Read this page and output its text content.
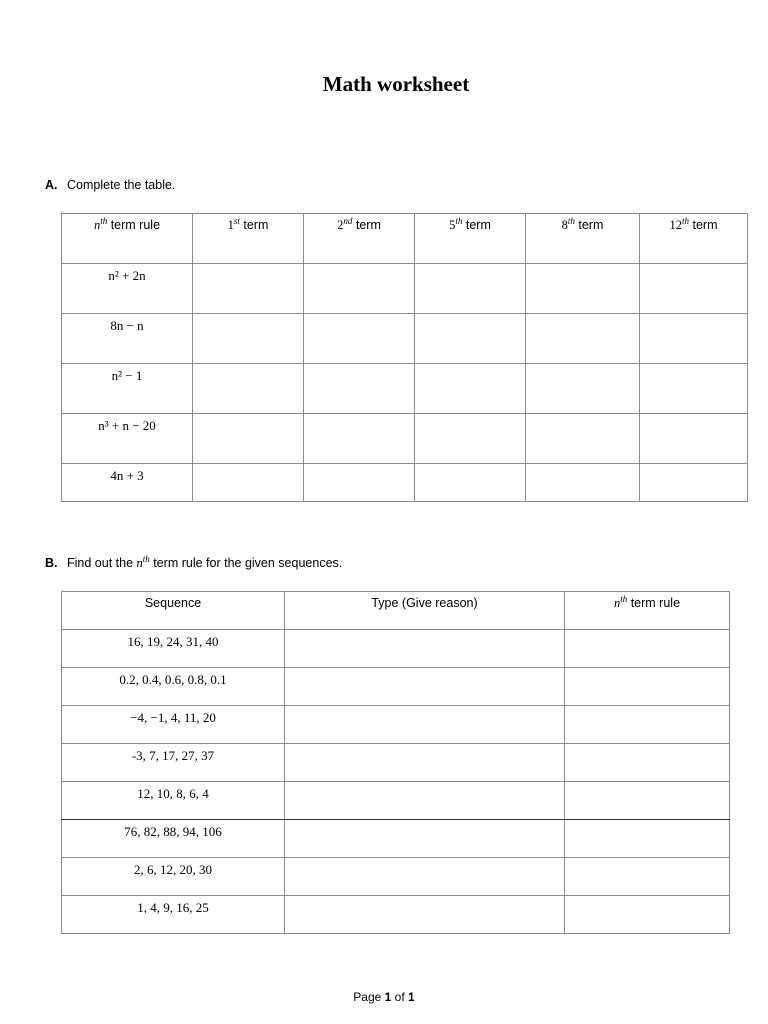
Math worksheet
A. Complete the table.
$n^{th}$ term rule	1st term	2nd term	5th term	8th term	12th term
n² + 2n					
8n − n					
n² − 1					
n³ + n − 20					
4n + 3					
B. Find out the $n^{th}$ term rule for the given sequences.
Sequence	Type (Give reason)	$n^{th}$ term rule
16, 19, 24, 31, 40		
0.2, 0.4, 0.6, 0.8, 0.1		
−4, −1, 4, 11, 20		
-3, 7, 17, 27, 37		
12, 10, 8, 6, 4		
76, 82, 88, 94, 106		
2, 6, 12, 20, 30		
1, 4, 9, 16, 25		
Page 1 of 1
